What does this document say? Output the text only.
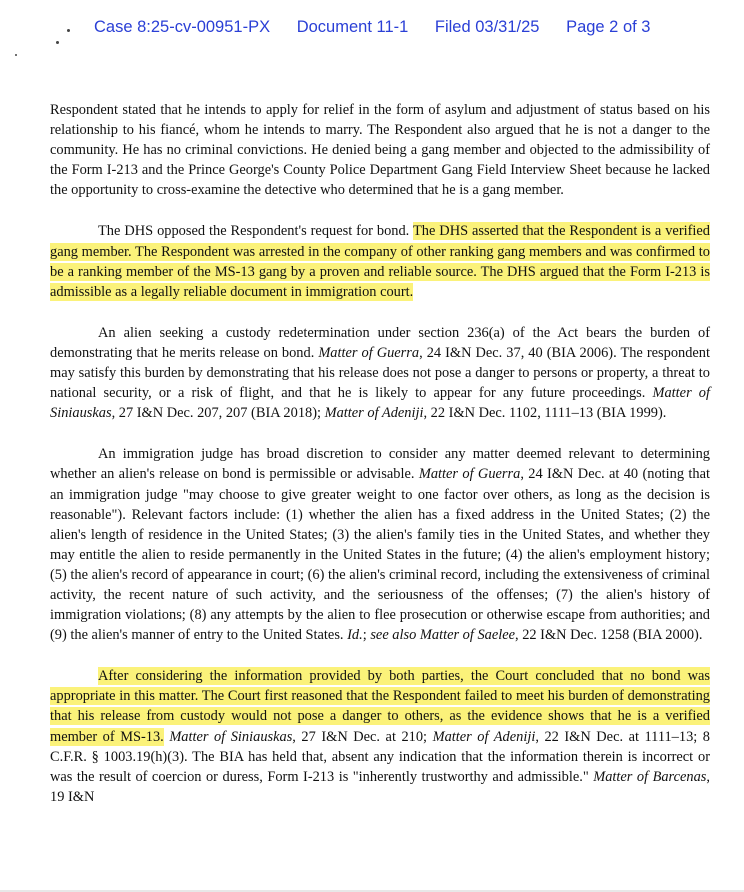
Case 8:25-cv-00951-PX Document 11-1 Filed 03/31/25 Page 2 of 3

Respondent stated that he intends to apply for relief in the form of asylum and adjustment of status based on his relationship to his fiancé, whom he intends to marry. The Respondent also argued that he is not a danger to the community. He has no criminal convictions. He denied being a gang member and objected to the admissibility of the Form I-213 and the Prince George's County Police Department Gang Field Interview Sheet because he lacked the opportunity to cross-examine the detective who determined that he is a gang member.

The DHS opposed the Respondent's request for bond. The DHS asserted that the Respondent is a verified gang member. The Respondent was arrested in the company of other ranking gang members and was confirmed to be a ranking member of the MS-13 gang by a proven and reliable source. The DHS argued that the Form I-213 is admissible as a legally reliable document in immigration court.

An alien seeking a custody redetermination under section 236(a) of the Act bears the burden of demonstrating that he merits release on bond. Matter of Guerra, 24 I&N Dec. 37, 40 (BIA 2006). The respondent may satisfy this burden by demonstrating that his release does not pose a danger to persons or property, a threat to national security, or a risk of flight, and that he is likely to appear for any future proceedings. Matter of Siniauskas, 27 I&N Dec. 207, 207 (BIA 2018); Matter of Adeniji, 22 I&N Dec. 1102, 1111–13 (BIA 1999).

An immigration judge has broad discretion to consider any matter deemed relevant to determining whether an alien's release on bond is permissible or advisable. Matter of Guerra, 24 I&N Dec. at 40 (noting that an immigration judge "may choose to give greater weight to one factor over others, as long as the decision is reasonable"). Relevant factors include: (1) whether the alien has a fixed address in the United States; (2) the alien's length of residence in the United States; (3) the alien's family ties in the United States, and whether they may entitle the alien to reside permanently in the United States in the future; (4) the alien's employment history; (5) the alien's record of appearance in court; (6) the alien's criminal record, including the extensiveness of criminal activity, the recent nature of such activity, and the seriousness of the offenses; (7) the alien's history of immigration violations; (8) any attempts by the alien to flee prosecution or otherwise escape from authorities; and (9) the alien's manner of entry to the United States. Id.; see also Matter of Saelee, 22 I&N Dec. 1258 (BIA 2000).

After considering the information provided by both parties, the Court concluded that no bond was appropriate in this matter. The Court first reasoned that the Respondent failed to meet his burden of demonstrating that his release from custody would not pose a danger to others, as the evidence shows that he is a verified member of MS-13. Matter of Siniauskas, 27 I&N Dec. at 210; Matter of Adeniji, 22 I&N Dec. at 1111–13; 8 C.F.R. § 1003.19(h)(3). The BIA has held that, absent any indication that the information therein is incorrect or was the result of coercion or duress, Form I-213 is "inherently trustworthy and admissible." Matter of Barcenas, 19 I&N
